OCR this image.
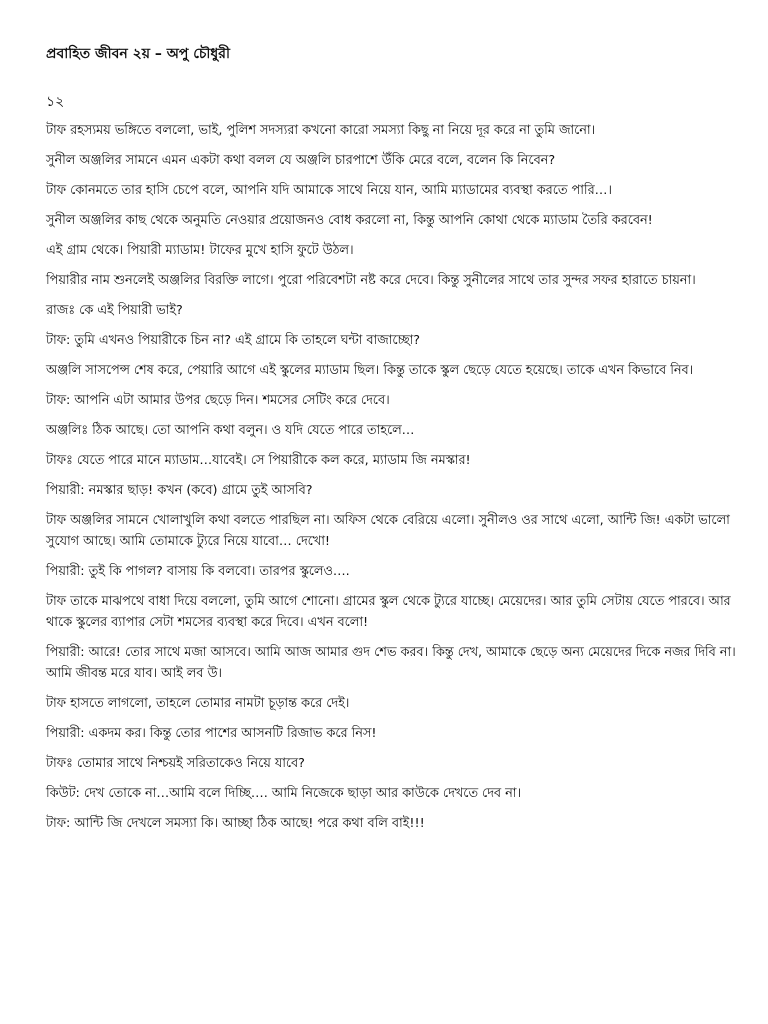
প্রবাহিত জীবন ২য় – অপু চৌধুরী
১২

টাফ রহস্যময় ভঙ্গিতে বললো, ভাই, পুলিশ সদস্যরা কখনো কারো সমস্যা কিছু না নিয়ে দূর করে না তুমি জানো।

সুনীল অঞ্জলির সামনে এমন একটা কথা বলল যে অঞ্জলি চারপাশে উঁকি মেরে বলে, বলেন কি নিবেন?

টাফ কোনমতে তার হাসি চেপে বলে, আপনি যদি আমাকে সাথে নিয়ে যান, আমি ম্যাডামের ব্যবস্থা করতে পারি…।

সুনীল অঞ্জলির কাছ থেকে অনুমতি নেওয়ার প্রয়োজনও বোধ করলো না, কিন্তু আপনি কোথা থেকে ম্যাডাম তৈরি করবেন!

এই গ্রাম থেকে। পিয়ারী ম্যাডাম! টাফের মুখে হাসি ফুটে উঠল।

পিয়ারীর নাম শুনলেই অঞ্জলির বিরক্তি লাগে। পুরো পরিবেশটা নষ্ট করে দেবে। কিন্তু সুনীলের সাথে তার সুন্দর সফর হারাতে চায়না।

রাজঃ কে এই পিয়ারী ভাই?

টাফ: তুমি এখনও পিয়ারীকে চিন না? এই গ্রামে কি তাহলে ঘন্টা বাজাচ্ছো?

অঞ্জলি সাসপেন্স শেষ করে, পেয়ারি আগে এই স্কুলের ম্যাডাম ছিল। কিন্তু তাকে স্কুল ছেড়ে যেতে হয়েছে। তাকে এখন কিভাবে নিব।

টাফ: আপনি এটা আমার উপর ছেড়ে দিন। শমসের সেটিং করে দেবে।

অঞ্জলিঃ ঠিক আছে। তো আপনি কথা বলুন। ও যদি যেতে পারে তাহলে…

টাফঃ যেতে পারে মানে ম্যাডাম…যাবেই। সে পিয়ারীকে কল করে, ম্যাডাম জি নমস্কার!

পিয়ারী: নমস্কার ছাড়! কখন (কবে) গ্রামে তুই আসবি?

টাফ অঞ্জলির সামনে খোলাখুলি কথা বলতে পারছিল না। অফিস থেকে বেরিয়ে এলো। সুনীলও ওর সাথে এলো, আন্টি জি! একটা ভালো সুযোগ আছে। আমি তোমাকে ট্যুরে নিয়ে যাবো… দেখো!

পিয়ারী: তুই কি পাগল? বাসায় কি বলবো। তারপর স্কুলেও….

টাফ তাকে মাঝপথে বাধা দিয়ে বললো, তুমি আগে শোনো। গ্রামের স্কুল থেকে ট্যুরে যাচ্ছে। মেয়েদের। আর তুমি সেটায় যেতে পারবে। আর থাকে স্কুলের ব্যাপার সেটা শমসের ব্যবস্থা করে দিবে। এখন বলো!

পিয়ারী: আরে! তোর সাথে মজা আসবে। আমি আজ আমার গুদ শেভ করব। কিন্তু দেখ, আমাকে ছেড়ে অন্য মেয়েদের দিকে নজর দিবি না। আমি জীবন্ত মরে যাব। আই লব উ।

টাফ হাসতে লাগলো, তাহলে তোমার নামটা চূড়ান্ত করে দেই।

পিয়ারী: একদম কর। কিন্তু তোর পাশের আসনটি রিজাভ করে নিস!

টাফঃ তোমার সাথে নিশ্চয়ই সরিতাকেও নিয়ে যাবে?

কিউট: দেখ তোকে না…আমি বলে দিচ্ছি…. আমি নিজেকে ছাড়া আর কাউকে দেখতে দেব না।

টাফ: আন্টি জি দেখলে সমস্যা কি। আচ্ছা ঠিক আছে! পরে কথা বলি বাই!!!
